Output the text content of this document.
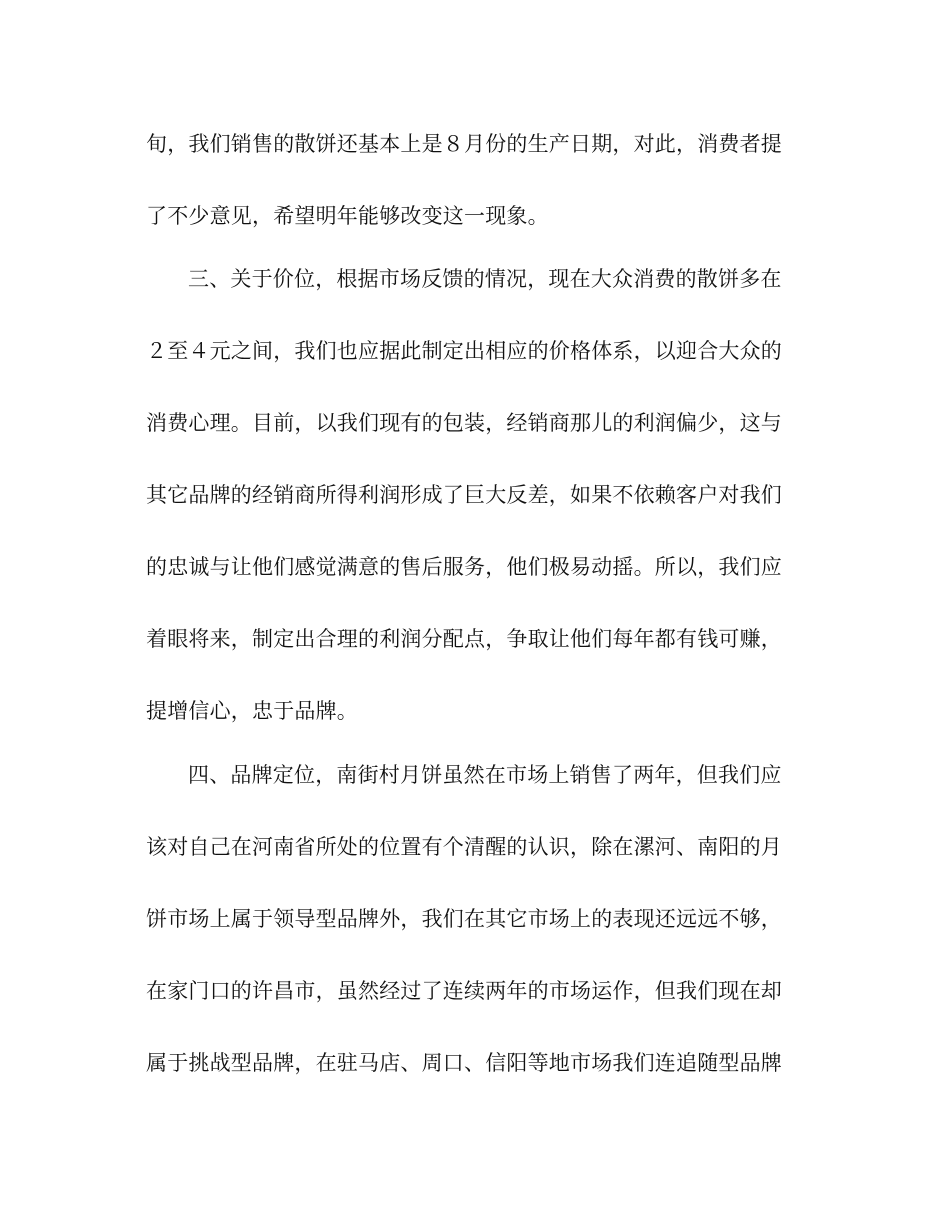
旬，我们销售的散饼还基本上是８月份的生产日期，对此，消费者提
了不少意见，希望明年能够改变这一现象。
三、关于价位，根据市场反馈的情况，现在大众消费的散饼多在
２至４元之间，我们也应据此制定出相应的价格体系，以迎合大众的
消费心理。目前，以我们现有的包装，经销商那儿的利润偏少，这与
其它品牌的经销商所得利润形成了巨大反差，如果不依赖客户对我们
的忠诚与让他们感觉满意的售后服务，他们极易动摇。所以，我们应
着眼将来，制定出合理的利润分配点，争取让他们每年都有钱可赚，
提增信心，忠于品牌。
四、品牌定位，南街村月饼虽然在市场上销售了两年，但我们应
该对自己在河南省所处的位置有个清醒的认识，除在漯河、南阳的月
饼市场上属于领导型品牌外，我们在其它市场上的表现还远远不够，
在家门口的许昌市，虽然经过了连续两年的市场运作，但我们现在却
属于挑战型品牌，在驻马店、周口、信阳等地市场我们连追随型品牌
